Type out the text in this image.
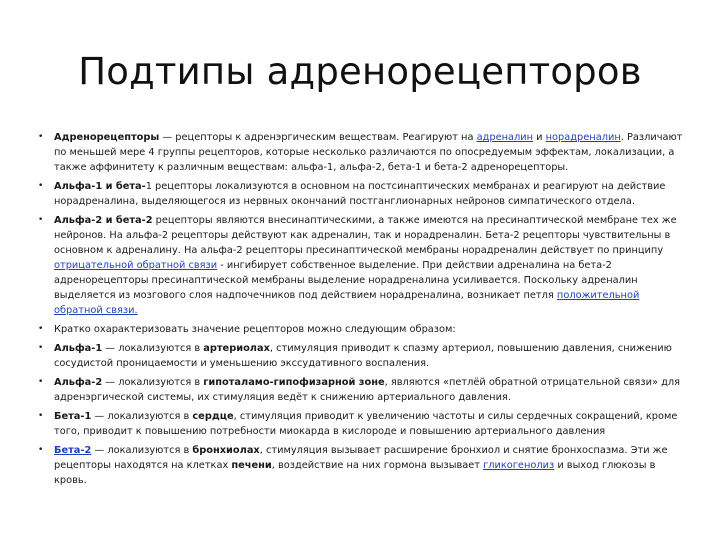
Подтипы адренорецепторов
• Адренорецепторы — рецепторы к адренэргическим веществам. Реагируют на адреналин и норадреналин. Различают по меньшей мере 4 группы рецепторов, которые несколько различаются по опосредуемым эффектам, локализации, а также аффинитету к различным веществам: альфа-1, альфа-2, бета-1 и бета-2 адренорецепторы.
• Альфа-1 и бета-1 рецепторы локализуются в основном на постсинаптических мембранах и реагируют на действие норадреналина, выделяющегося из нервных окончаний постганглионарных нейронов симпатического отдела.
• Альфа-2 и бета-2 рецепторы являются внесинаптическими, а также имеются на пресинаптической мембране тех же нейронов. На альфа-2 рецепторы действуют как адреналин, так и норадреналин. Бета-2 рецепторы чувствительны в основном к адреналину. На альфа-2 рецепторы пресинаптической мембраны норадреналин действует по принципу отрицательной обратной связи - ингибирует собственное выделение. При действии адреналина на бета-2 адренорецепторы пресинаптической мембраны выделение норадреналина усиливается. Поскольку адреналин выделяется из мозгового слоя надпочечников под действием норадреналина, возникает петля положительной обратной связи.
• Кратко охарактеризовать значение рецепторов можно следующим образом:
• Альфа-1 — локализуются в артериолах, стимуляция приводит к спазму артериол, повышению давления, снижению сосудистой проницаемости и уменьшению экссудативного воспаления.
• Альфа-2 — локализуются в гипоталамо-гипофизарной зоне, являются «петлёй обратной отрицательной связи» для адренэргической системы, их стимуляция ведёт к снижению артериального давления.
• Бета-1 — локализуются в сердце, стимуляция приводит к увеличению частоты и силы сердечных сокращений, кроме того, приводит к повышению потребности миокарда в кислороде и повышению артериального давления
• Бета-2 — локализуются в бронхиолах, стимуляция вызывает расширение бронхиол и снятие бронхоспазма. Эти же рецепторы находятся на клетках печени, воздействие на них гормона вызывает гликогенолиз и выход глюкозы в кровь.
